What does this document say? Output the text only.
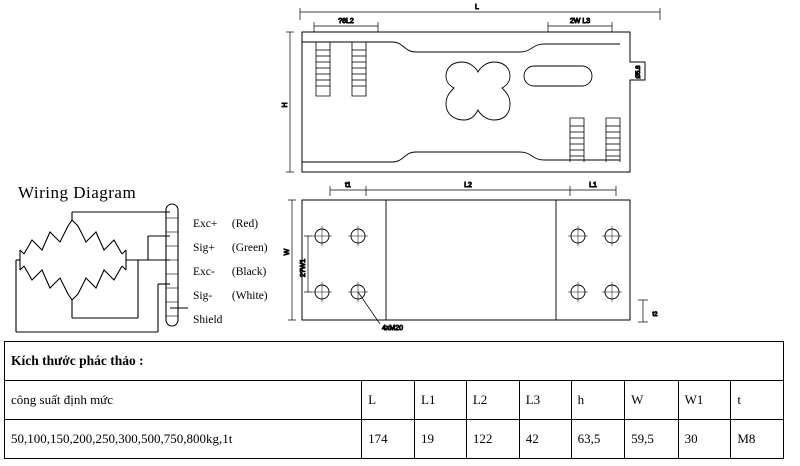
L
?8L2	2W L3
H
Ø5.8
t1	L2	L1
4xM20
W
2?W1
t2
Wiring Diagram
Exc+ (Red)
Sig+ (Green)
Exc- (Black)
Sig- (White)
Shield
Kích thước phác thảo :								
công suất định mức	L	L1	L2	L3	h	W	W1	t
50,100,150,200,250,300,500,750,800kg,1t	174	19	122	42	63,5	59,5	30	M8
